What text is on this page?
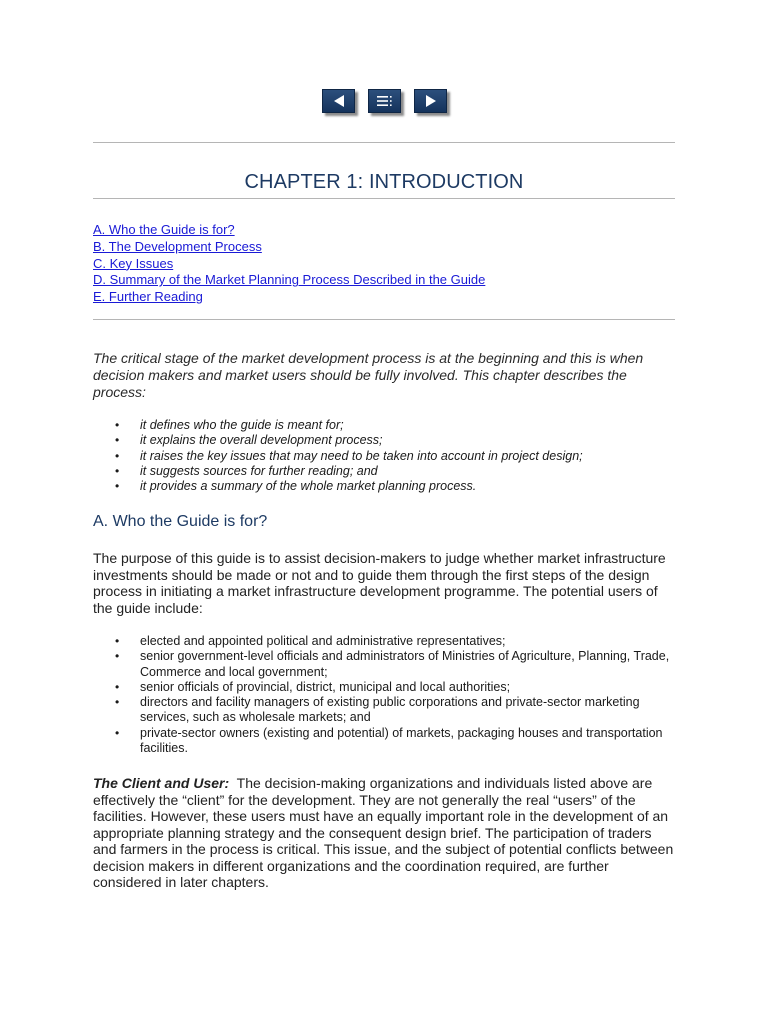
CHAPTER 1: INTRODUCTION
A. Who the Guide is for?
B. The Development Process
C. Key Issues
D. Summary of the Market Planning Process Described in the Guide
E. Further Reading

The critical stage of the market development process is at the beginning and this is when decision makers and market users should be fully involved. This chapter describes the process:

• it defines who the guide is meant for;
• it explains the overall development process;
• it raises the key issues that may need to be taken into account in project design;
• it suggests sources for further reading; and
• it provides a summary of the whole market planning process.
A. Who the Guide is for?

The purpose of this guide is to assist decision-makers to judge whether market infrastructure investments should be made or not and to guide them through the first steps of the design process in initiating a market infrastructure development programme. The potential users of the guide include:

• elected and appointed political and administrative representatives;
• senior government-level officials and administrators of Ministries of Agriculture, Planning, Trade, Commerce and local government;
• senior officials of provincial, district, municipal and local authorities;
• directors and facility managers of existing public corporations and private-sector marketing services, such as wholesale markets; and
• private-sector owners (existing and potential) of markets, packaging houses and transportation facilities.

The Client and User: The decision-making organizations and individuals listed above are effectively the “client” for the development. They are not generally the real “users” of the facilities. However, these users must have an equally important role in the development of an appropriate planning strategy and the consequent design brief. The participation of traders and farmers in the process is critical. This issue, and the subject of potential conflicts between decision makers in different organizations and the coordination required, are further considered in later chapters.
